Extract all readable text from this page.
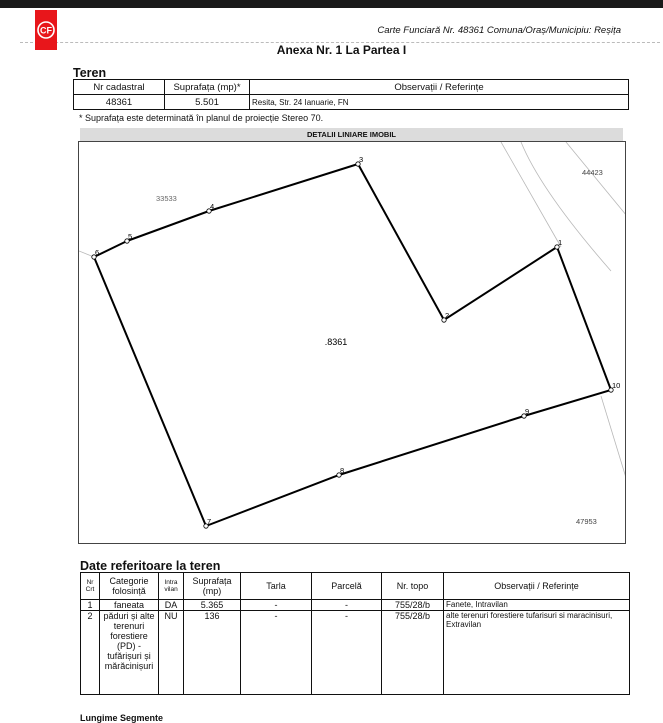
CF	Carte Funciară Nr. 48361 Comuna/Oraș/Municipiu: Reșița
Anexa Nr. 1 La Partea I
Teren
Nr cadastral	Suprafața (mp)*	Observații / Referințe
48361	5.501	Resita, Str. 24 Ianuarie, FN
* Suprafața este determinată în planul de proiecție Stereo 70.
DETALII LINIARE IMOBIL
.8361
33533
44423
47953
1
2
3
4
5
6
7
8
9
10
Date referitoare la teren
Nr Crt	Categorie folosință	Intra vilan	Suprafața (mp)	Tarla	Parcelă	Nr. topo	Observații / Referințe
1	faneata	DA	5.365	-	-	755/28/b	Fanete, Intravilan
2	păduri și alte terenuri forestiere (PD) - tufărișuri și mărăcinișuri	NU	136	-	-	755/28/b	alte terenuri forestiere tufarisuri si maracinisuri, Extravilan
Lungime Segmente
